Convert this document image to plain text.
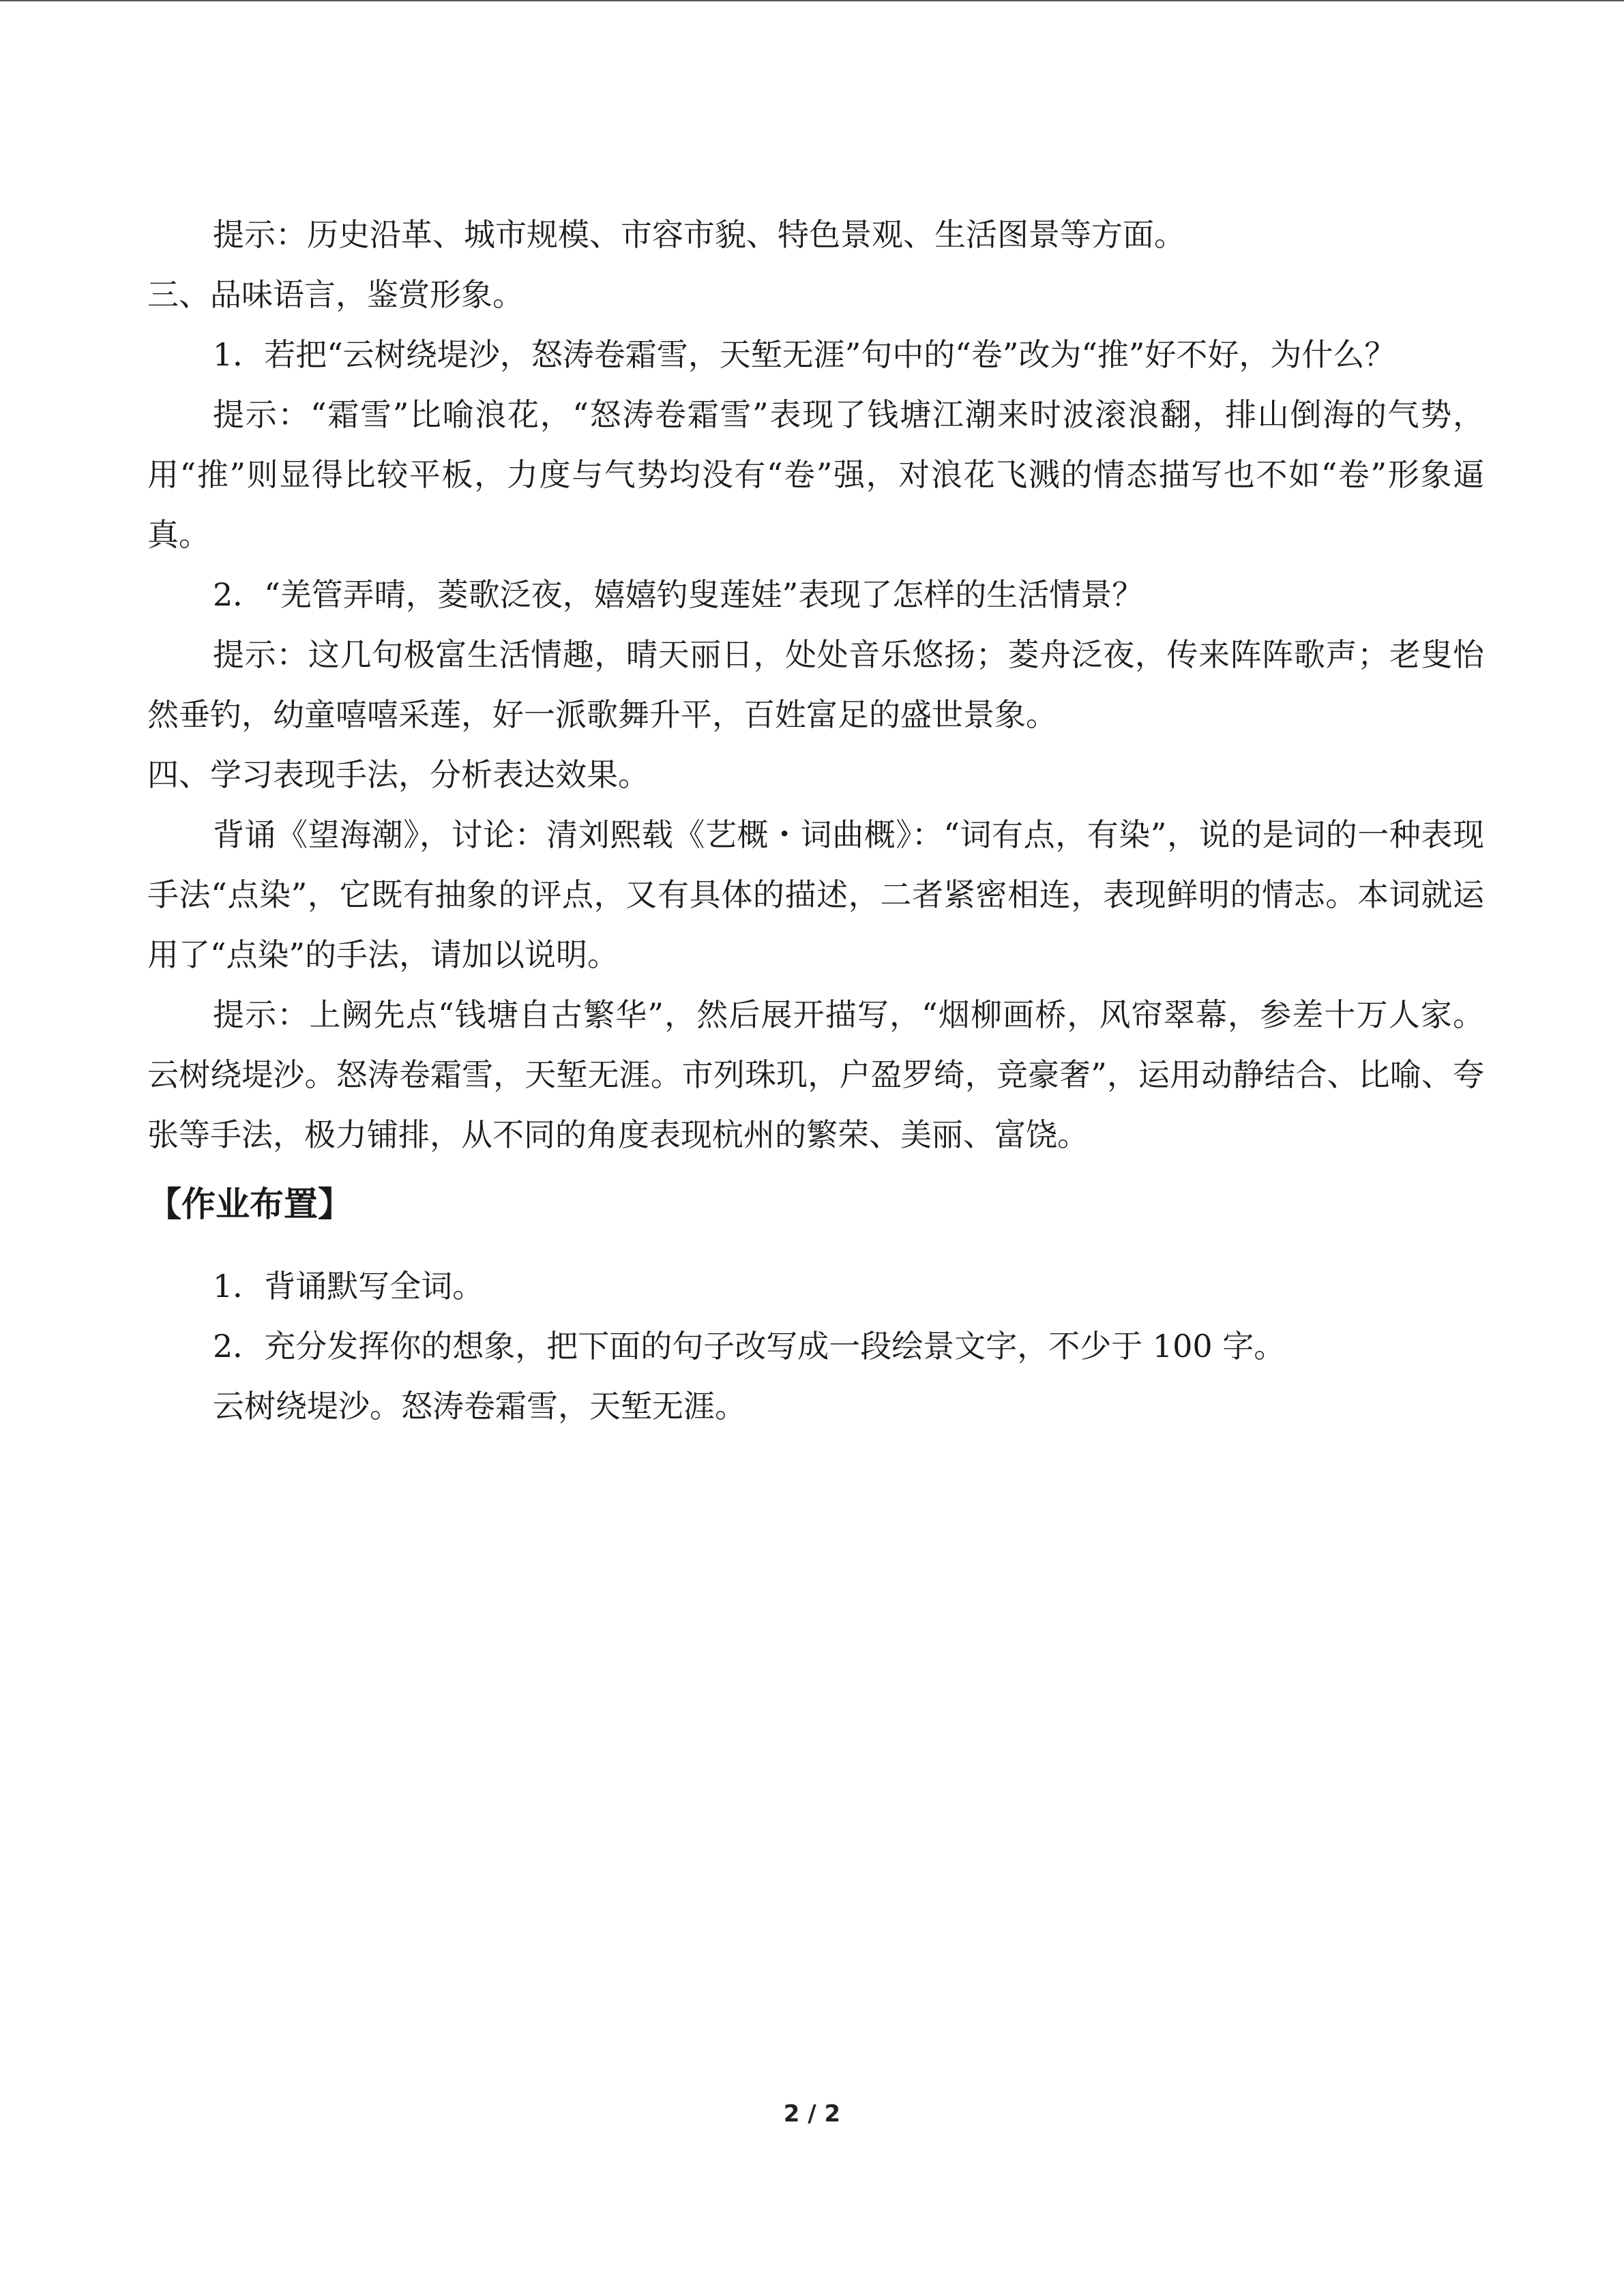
提示：历史沿革、城市规模、市容市貌、特色景观、生活图景等方面。

三、品味语言，鉴赏形象。

1．若把“云树绕堤沙，怒涛卷霜雪，天堑无涯”句中的“卷”改为“推”好不好，为什么？

提示：“霜雪”比喻浪花，“怒涛卷霜雪”表现了钱塘江潮来时波滚浪翻，排山倒海的气势，用“推”则显得比较平板，力度与气势均没有“卷”强，对浪花飞溅的情态描写也不如“卷”形象逼真。

2．“羌管弄晴，菱歌泛夜，嬉嬉钓叟莲娃”表现了怎样的生活情景？

提示：这几句极富生活情趣，晴天丽日，处处音乐悠扬；菱舟泛夜，传来阵阵歌声；老叟怡然垂钓，幼童嘻嘻采莲，好一派歌舞升平，百姓富足的盛世景象。

四、学习表现手法，分析表达效果。

背诵《望海潮》，讨论：清刘熙载《艺概・词曲概》：“词有点，有染”，说的是词的一种表现手法“点染”，它既有抽象的评点，又有具体的描述，二者紧密相连，表现鲜明的情志。本词就运用了“点染”的手法，请加以说明。

提示：上阙先点“钱塘自古繁华”，然后展开描写，“烟柳画桥，风帘翠幕，参差十万人家。云树绕堤沙。怒涛卷霜雪，天堑无涯。市列珠玑，户盈罗绮，竞豪奢”，运用动静结合、比喻、夸张等手法，极力铺排，从不同的角度表现杭州的繁荣、美丽、富饶。

【作业布置】

1．背诵默写全词。

2．充分发挥你的想象，把下面的句子改写成一段绘景文字，不少于 100 字。

云树绕堤沙。怒涛卷霜雪，天堑无涯。

2 / 2
